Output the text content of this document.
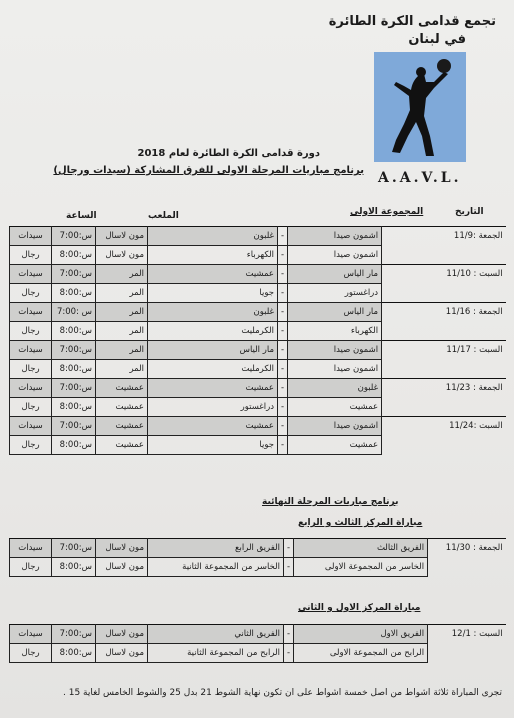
تجمع قدامى الكرة الطائرة
في لبنان
A.A.V.L.
دورة قدامى الكرة الطائرة لعام 2018
برنامج مباريات المرحلة الاولى للفرق المشاركة (سيدات ورجال)
التاريخ
المجموعة الاولى
الملعب
الساعة
سيدات	س:7:00	مون لاسال	غلبون	-	اشمون صيدا	الجمعة :11/9
رجال	س:8:00	مون لاسال	الكهرباء	-	اشمون صيدا	
سيدات	س:7:00	المر	عمشيت	-	مار الياس	السبت : 11/10
رجال	س:8:00	المر	جويا	-	دراغستور	
سيدات	س :7:00	المر	غلبون	-	مار الياس	الجمعة : 11/16
رجال	س:8:00	المر	الكرمليت	-	الكهرباء	
سيدات	س:7:00	المر	مار الياس	-	اشمون صيدا	السبت : 11/17
رجال	س:8:00	المر	الكرمليت	-	اشمون صيدا	
سيدات	س:7:00	عمشيت	عمشيت	-	غلبون	الجمعة : 11/23
رجال	س:8:00	عمشيت	دراغستور	-	عمشيت	
سيدات	س:7:00	عمشيت	عمشيت	-	اشمون صيدا	السبت :11/24
رجال	س:8:00	عمشيت	جويا	-	عمشيت	
برنامج مباريات المرحلة النهائية
مباراة المركز الثالث و الرابع
سيدات	س:7:00	مون لاسال	الفريق الرابع	-	الفريق الثالث	الجمعة : 11/30
رجال	س:8:00	مون لاسال	الخاسر من المجموعة الثانية	-	الخاسر من المجموعة الاولى	
مباراة المركز الاول و الثاني
سيدات	س:7:00	مون لاسال	الفريق الثاني	-	الفريق الاول	السبت : 12/1
رجال	س:8:00	مون لاسال	الرابح من المجموعة الثانية	-	الرابح من المجموعة الاولى	
تجرى المباراة ثلاثة اشواط من اصل خمسة اشواط على ان تكون نهاية الشوط 21 بدل 25 والشوط الخامس لغاية 15 .
